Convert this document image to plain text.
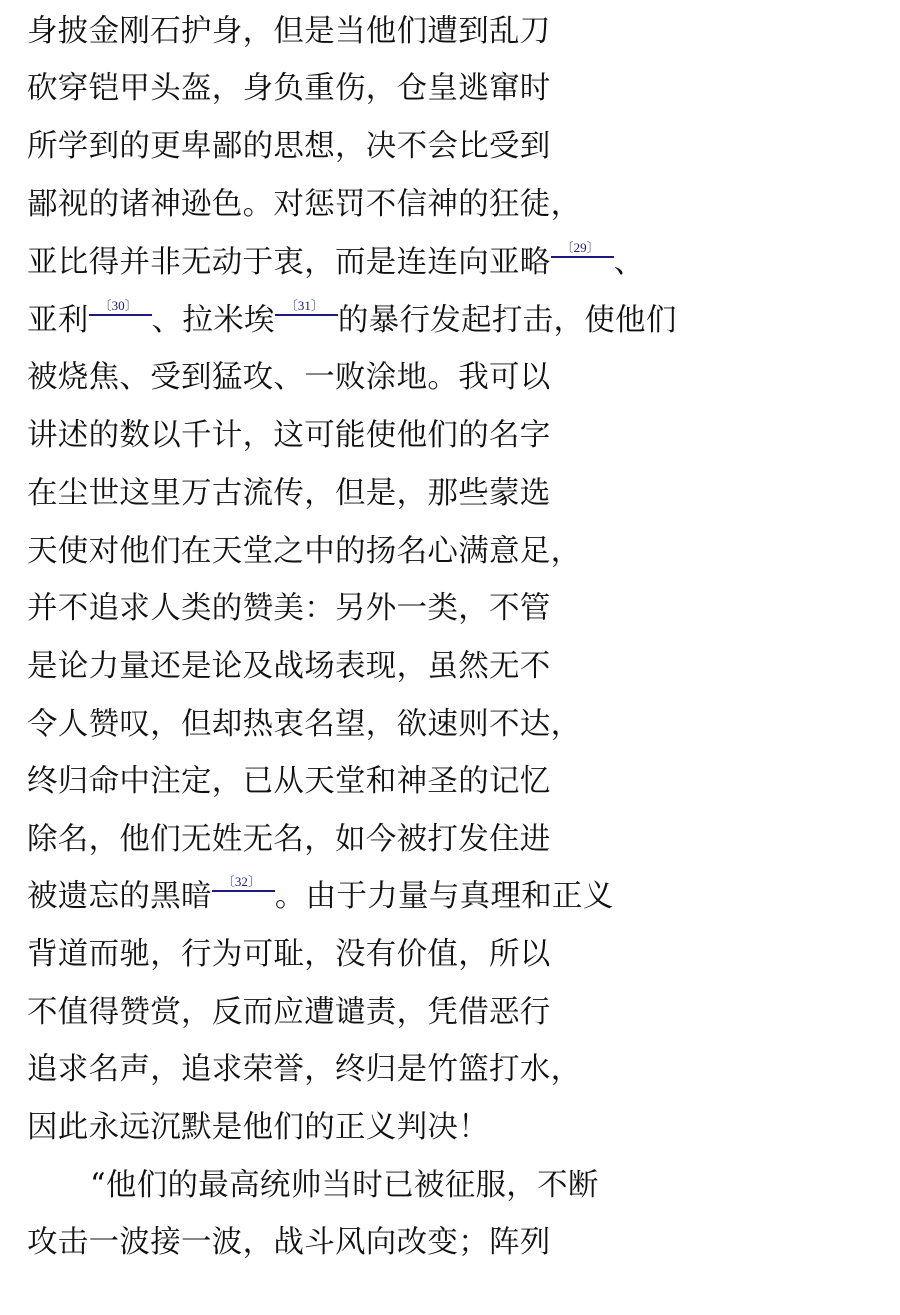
身披金刚石护身，但是当他们遭到乱刀
砍穿铠甲头盔，身负重伤，仓皇逃窜时
所学到的更卑鄙的思想，决不会比受到
鄙视的诸神逊色。对惩罚不信神的狂徒，
亚比得并非无动于衷，而是连连向亚略 〔29〕 、
亚利 〔30〕 、拉米埃 〔31〕 的暴行发起打击，使他们
被烧焦、受到猛攻、一败涂地。我可以
讲述的数以千计，这可能使他们的名字
在尘世这里万古流传，但是，那些蒙选
天使对他们在天堂之中的扬名心满意足，
并不追求人类的赞美：另外一类，不管
是论力量还是论及战场表现，虽然无不
令人赞叹，但却热衷名望，欲速则不达，
终归命中注定，已从天堂和神圣的记忆
除名，他们无姓无名，如今被打发住进
被遗忘的黑暗 〔32〕 。由于力量与真理和正义
背道而驰，行为可耻，没有价值，所以
不值得赞赏，反而应遭谴责，凭借恶行
追求名声，追求荣誉，终归是竹篮打水，
因此永远沉默是他们的正义判决！
“他们的最高统帅当时已被征服，不断
攻击一波接一波，战斗风向改变；阵列
